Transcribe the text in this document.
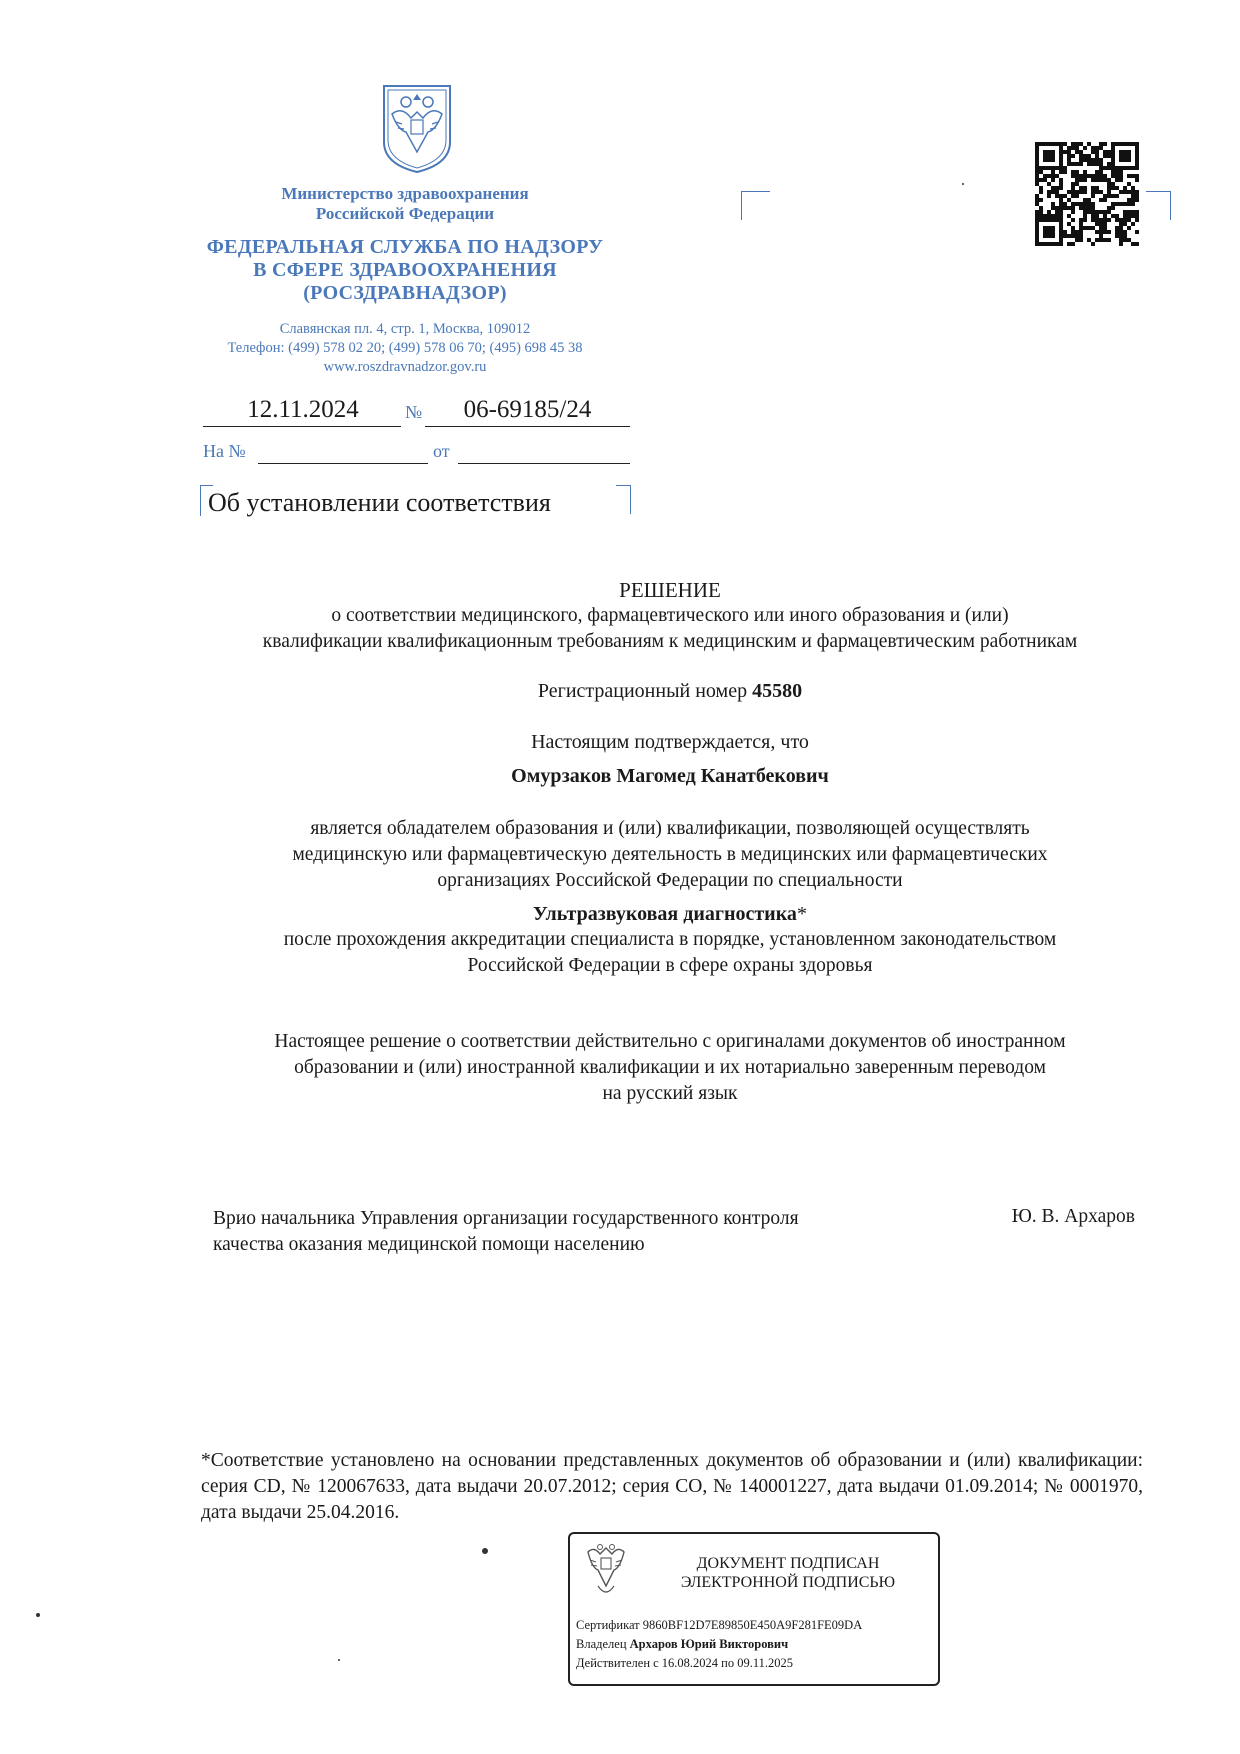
Министерство здравоохранения
Российской Федерации
ФЕДЕРАЛЬНАЯ СЛУЖБА ПО НАДЗОРУ
В СФЕРЕ ЗДРАВООХРАНЕНИЯ
(РОСЗДРАВНАДЗОР)
Славянская пл. 4, стр. 1, Москва, 109012
Телефон: (499) 578 02 20; (499) 578 06 70; (495) 698 45 38
www.roszdravnadzor.gov.ru
12.11.2024	№	06-69185/24
На №	от
Об установлении соответствия
РЕШЕНИЕ
о соответствии медицинского, фармацевтического или иного образования и (или)
квалификации квалификационным требованиям к медицинским и фармацевтическим работникам
Регистрационный номер 45580
Настоящим подтверждается, что
Омурзаков Магомед Канатбекович
является обладателем образования и (или) квалификации, позволяющей осуществлять
медицинскую или фармацевтическую деятельность в медицинских или фармацевтических
организациях Российской Федерации по специальности
Ультразвуковая диагностика*
после прохождения аккредитации специалиста в порядке, установленном законодательством
Российской Федерации в сфере охраны здоровья
Настоящее решение о соответствии действительно с оригиналами документов об иностранном
образовании и (или) иностранной квалификации и их нотариально заверенным переводом
на русский язык
Врио начальника Управления организации государственного контроля
качества оказания медицинской помощи населению
Ю. В. Архаров
*Соответствие установлено на основании представленных документов об образовании и (или) квалификации: серия CD, № 120067633, дата выдачи 20.07.2012; серия CO, № 140001227, дата выдачи 01.09.2014; № 0001970, дата выдачи 25.04.2016.
ДОКУМЕНТ ПОДПИСАН
ЭЛЕКТРОННОЙ ПОДПИСЬЮ
Сертификат 9860BF12D7E89850E450A9F281FE09DA
Владелец Архаров Юрий Викторович
Действителен с 16.08.2024 по 09.11.2025
